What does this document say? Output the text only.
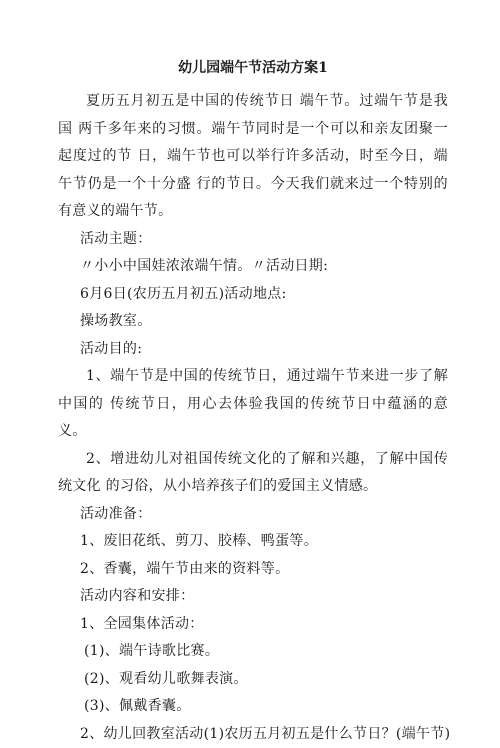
幼儿园端午节活动方案1

夏历五月初五是中国的传统节日 端午节。过端午节是我国 两千多年来的习惯。端午节同时是一个可以和亲友团聚一起度过的节 日，端午节也可以举行许多活动，时至今日，端午节仍是一个十分盛 行的节日。今天我们就来过一个特别的有意义的端午节。

活动主题：

〃小小中国娃浓浓端午情。〃活动日期:

6月6日(农历五月初五)活动地点:

操场教室。

活动目的:

1、端午节是中国的传统节日，通过端午节来进一步了解中国的 传统节日，用心去体验我国的传统节日中蕴涵的意义。

2、增进幼儿对祖国传统文化的了解和兴趣，了解中国传统文化 的习俗，从小培养孩子们的爱国主义情感。

活动准备：

1、废旧花纸、剪刀、胶棒、鸭蛋等。

2、香囊，端午节由来的资料等。

活动内容和安排：

1、全园集体活动：

(1)、端午诗歌比赛。

(2)、观看幼儿歌舞表演。

(3)、佩戴香囊。

2、幼儿回教室活动(1)农历五月初五是什么节日？(端午节)
